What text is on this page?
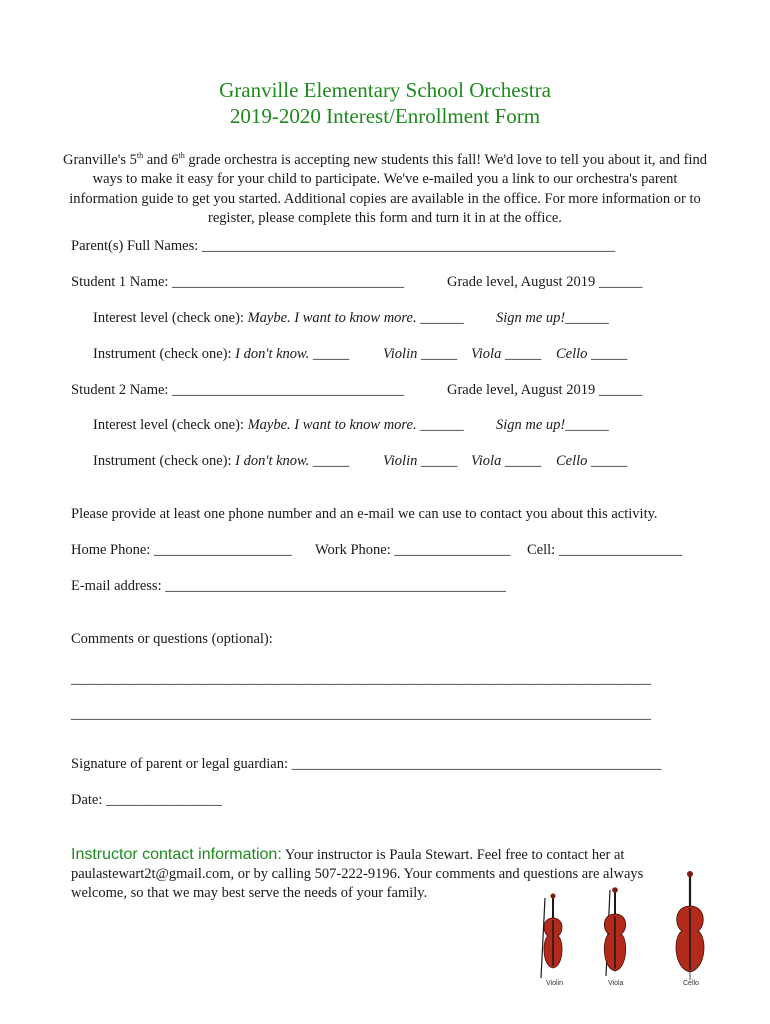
Granville Elementary School Orchestra
2019-2020 Interest/Enrollment Form
Granville's 5th and 6th grade orchestra is accepting new students this fall! We'd love to tell you about it, and find ways to make it easy for your child to participate. We've e-mailed you a link to our orchestra's parent information guide to get you started. Additional copies are available in the office. For more information or to register, please complete this form and turn it in at the office.
Parent(s) Full Names: _________________________________________________________
Student 1 Name: ________________________________	Grade level, August 2019 ______
Interest level (check one): Maybe. I want to know more. ______ Sign me up!______
Instrument (check one): I don't know. _____ Violin _____ Viola _____ Cello _____
Student 2 Name: ________________________________	Grade level, August 2019 ______
Interest level (check one): Maybe. I want to know more. ______ Sign me up!______
Instrument (check one): I don't know. _____ Violin _____ Viola _____ Cello _____
Please provide at least one phone number and an e-mail we can use to contact you about this activity.
Home Phone: ___________________ Work Phone: ________________ Cell: _________________
E-mail address: _______________________________________________
Comments or questions (optional):
________________________________________________________________________________
________________________________________________________________________________
Signature of parent or legal guardian: ___________________________________________________
Date: ________________
Instructor contact information: Your instructor is Paula Stewart. Feel free to contact her at paulastewart2t@gmail.com, or by calling 507-222-9196. Your comments and questions are always welcome, so that we may best serve the needs of your family.
Violin	Viola	Cello
